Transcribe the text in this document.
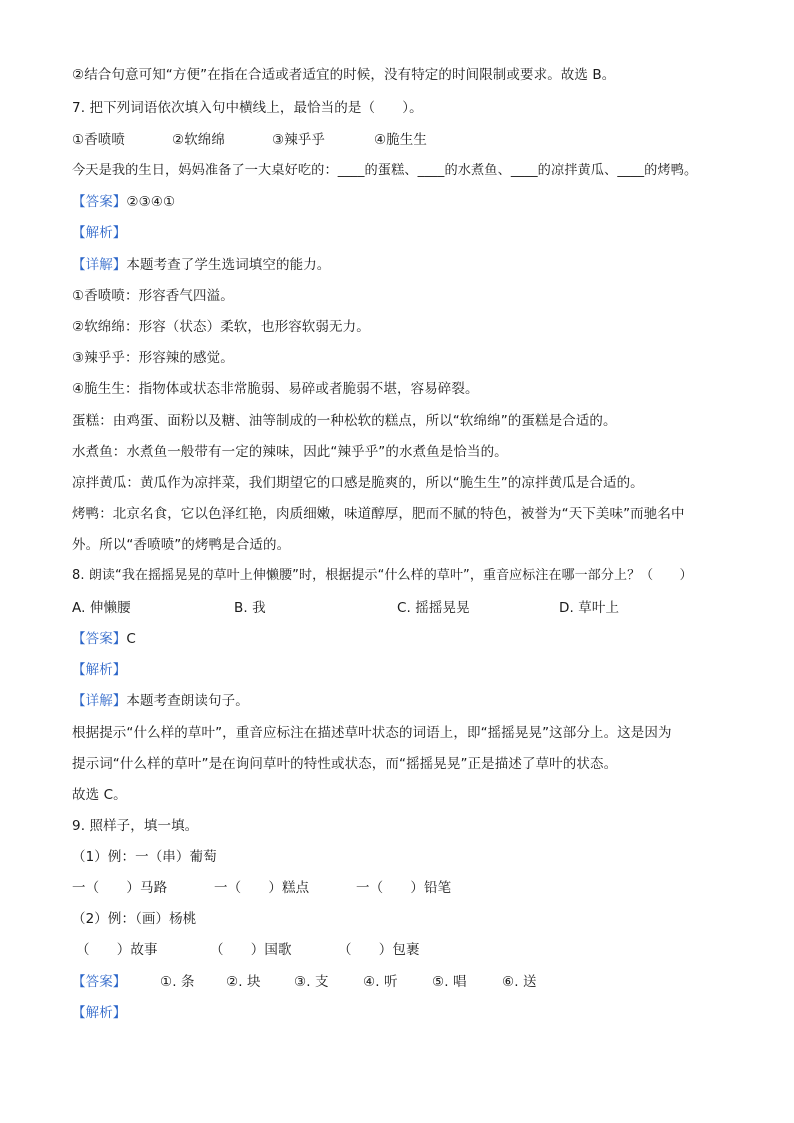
②结合句意可知“方便”在指在合适或者适宜的时候，没有特定的时间限制或要求。故选 B。
7. 把下列词语依次填入句中横线上，最恰当的是（　　）。
①香喷喷	②软绵绵	③辣乎乎	④脆生生
今天是我的生日，妈妈准备了一大桌好吃的：____的蛋糕、____的水煮鱼、____的凉拌黄瓜、____的烤鸭。
【答案】②③④①
【解析】
【详解】本题考查了学生选词填空的能力。
①香喷喷：形容香气四溢。
②软绵绵：形容（状态）柔软，也形容软弱无力。
③辣乎乎：形容辣的感觉。
④脆生生：指物体或状态非常脆弱、易碎或者脆弱不堪，容易碎裂。
蛋糕：由鸡蛋、面粉以及糖、油等制成的一种松软的糕点，所以“软绵绵”的蛋糕是合适的。
水煮鱼：水煮鱼一般带有一定的辣味，因此“辣乎乎”的水煮鱼是恰当的。
凉拌黄瓜：黄瓜作为凉拌菜，我们期望它的口感是脆爽的，所以“脆生生”的凉拌黄瓜是合适的。
烤鸭：北京名食，它以色泽红艳，肉质细嫩，味道醇厚，肥而不腻的特色，被誉为“天下美味”而驰名中
外。所以“香喷喷”的烤鸭是合适的。
8. 朗读“我在摇摇晃晃的草叶上伸懒腰”时，根据提示“什么样的草叶”，重音应标注在哪一部分上？（　　）
A. 伸懒腰	B. 我	C. 摇摇晃晃	D. 草叶上
【答案】C
【解析】
【详解】本题考查朗读句子。
根据提示“什么样的草叶”，重音应标注在描述草叶状态的词语上，即“摇摇晃晃”这部分上。这是因为
提示词“什么样的草叶”是在询问草叶的特性或状态，而“摇摇晃晃”正是描述了草叶的状态。
故选 C。
9. 照样子，填一填。
（1）例：一（串）葡萄
一（　　）马路	一（　　）糕点	一（　　）铅笔
（2）例：（画）杨桃
（　　）故事	（　　）国歌	（　　）包裹
【答案】 ①. 条 ②. 块 ③. 支	④. 听	⑤. 唱	⑥. 送
【解析】
